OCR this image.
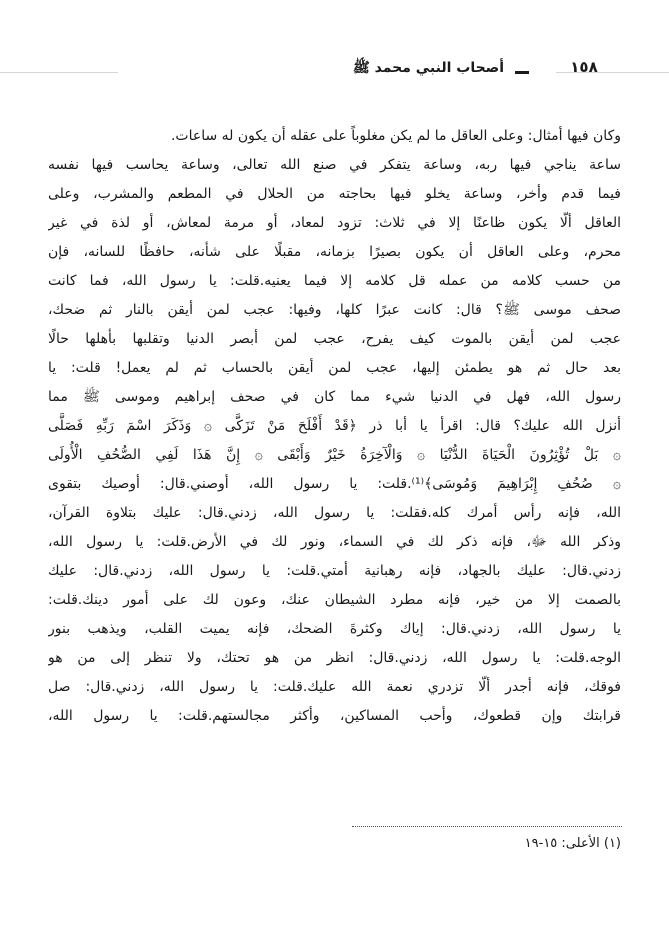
١٥٨
أصحاب النبي محمد ﷺ
وكان فيها أمثال: وعلى العاقل ما لم يكن مغلوباً على عقله أن يكون له ساعات.
ساعة يناجي فيها ربه، وساعة يتفكر في صنع الله تعالى، وساعة يحاسب فيها نفسه
فيما قدم وأخر، وساعة يخلو فيها بحاجته من الحلال في المطعم والمشرب، وعلى
العاقل ألّا يكون ظاعنًا إلا في ثلاث: تزود لمعاد، أو مرمة لمعاش، أو لذة في غير
محرم، وعلى العاقل أن يكون بصيرًا بزمانه، مقبلًا على شأنه، حافظًا للسانه، فإن
من حسب كلامه من عمله قل كلامه إلا فيما يعنيه.قلت: يا رسول الله، فما كانت
صحف موسى ﷺ؟ قال: كانت عبرًا كلها، وفيها: عجب لمن أيقن بالنار ثم ضحك،
عجب لمن أيقن بالموت كيف يفرح، عجب لمن أبصر الدنيا وتقلبها بأهلها حالًا
بعد حال ثم هو يطمئن إليها، عجب لمن أيقن بالحساب ثم لم يعمل! قلت: يا
رسول الله، فهل في الدنيا شيء مما كان في صحف إبراهيم وموسى ﷺ مما
أنزل الله عليك؟ قال: اقرأ يا أبا ذر ﴿قَدْ أَفْلَحَ مَنْ تَزَكَّى ۞ وَذَكَرَ اسْمَ رَبِّهِ فَصَلَّى
۞ بَلْ تُؤْثِرُونَ الْحَيَاةَ الدُّنْيَا ۞ وَالْآخِرَةُ خَيْرٌ وَأَبْقَى ۞ إِنَّ هَذَا لَفِي الصُّحُفِ الْأُولَى
۞ صُحُفِ إِبْرَاهِيمَ وَمُوسَى﴾⁽¹⁾.قلت: يا رسول الله، أوصني.قال: أوصيك بتقوى
الله، فإنه رأس أمرك كله.فقلت: يا رسول الله، زدني.قال: عليك بتلاوة القرآن،
وذكر الله ﷻ، فإنه ذكر لك في السماء، ونور لك في الأرض.قلت: يا رسول الله،
زدني.قال: عليك بالجهاد، فإنه رهبانية أمتي.قلت: يا رسول الله، زدني.قال: عليك
بالصمت إلا من خير، فإنه مطرد الشيطان عنك، وعون لك على أمور دينك.قلت:
يا رسول الله، زدني.قال: إياك وكثرةَ الضحك، فإنه يميت القلب، ويذهب بنور
الوجه.قلت: يا رسول الله، زدني.قال: انظر من هو تحتك، ولا تنظر إلى من هو
فوقك، فإنه أجدر ألّا تزدري نعمة الله عليك.قلت: يا رسول الله، زدني.قال: صل
قرابتك وإن قطعوك، وأحب المساكين، وأكثر مجالستهم.قلت: يا رسول الله،
(١) الأعلى: ١٥-١٩
